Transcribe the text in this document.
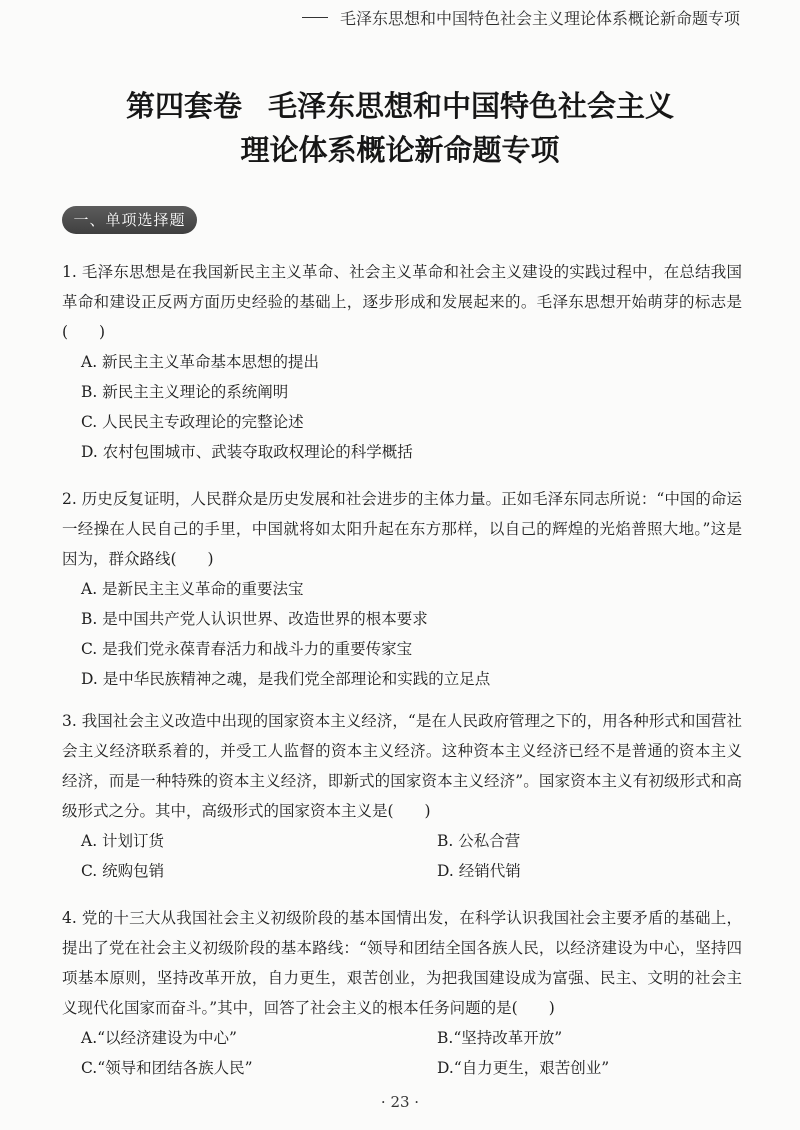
毛泽东思想和中国特色社会主义理论体系概论新命题专项
第四套卷 毛泽东思想和中国特色社会主义
理论体系概论新命题专项
一、单项选择题
1. 毛泽东思想是在我国新民主主义革命、社会主义革命和社会主义建设的实践过程中，在总结我国革命和建设正反两方面历史经验的基础上，逐步形成和发展起来的。毛泽东思想开始萌芽的标志是(　　)
A. 新民主主义革命基本思想的提出
B. 新民主主义理论的系统阐明
C. 人民民主专政理论的完整论述
D. 农村包围城市、武装夺取政权理论的科学概括
2. 历史反复证明，人民群众是历史发展和社会进步的主体力量。正如毛泽东同志所说：“中国的命运一经操在人民自己的手里，中国就将如太阳升起在东方那样，以自己的辉煌的光焰普照大地。”这是因为，群众路线(　　)
A. 是新民主主义革命的重要法宝
B. 是中国共产党人认识世界、改造世界的根本要求
C. 是我们党永葆青春活力和战斗力的重要传家宝
D. 是中华民族精神之魂，是我们党全部理论和实践的立足点
3. 我国社会主义改造中出现的国家资本主义经济，“是在人民政府管理之下的，用各种形式和国营社会主义经济联系着的，并受工人监督的资本主义经济。这种资本主义经济已经不是普通的资本主义经济，而是一种特殊的资本主义经济，即新式的国家资本主义经济”。国家资本主义有初级形式和高级形式之分。其中，高级形式的国家资本主义是(　　)
A. 计划订货	B. 公私合营
C. 统购包销	D. 经销代销
4. 党的十三大从我国社会主义初级阶段的基本国情出发，在科学认识我国社会主要矛盾的基础上，提出了党在社会主义初级阶段的基本路线：“领导和团结全国各族人民，以经济建设为中心，坚持四项基本原则，坚持改革开放，自力更生，艰苦创业，为把我国建设成为富强、民主、文明的社会主义现代化国家而奋斗。”其中，回答了社会主义的根本任务问题的是(　　)
A.“以经济建设为中心”	B.“坚持改革开放”
C.“领导和团结各族人民”	D.“自力更生，艰苦创业”
· 23 ·
